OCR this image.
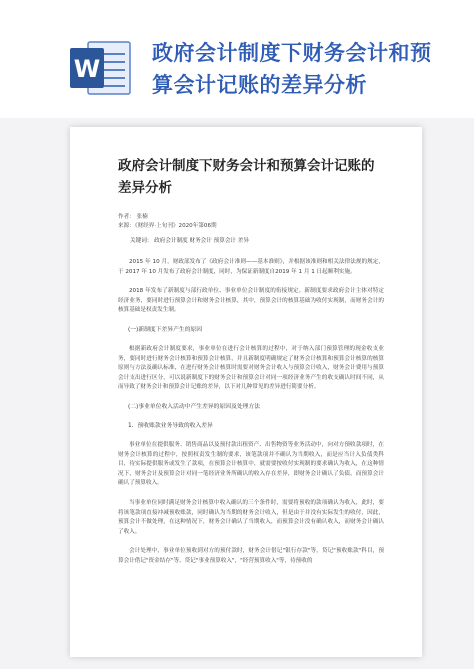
W
政府会计制度下财务会计和预
算会计记账的差异分析
政府会计制度下财务会计和预算会计记账的差异分析
作者： 张楠
来源：《财经界·上旬刊》2020年第06期
关键词： 政府会计制度 财务会计 预算会计 差异

2015 年 10 月，财政部发布了《政府会计准则——基本准则》，并根据该准则和相关法律法规的规定，于 2017 年 10 月发布了政府会计制度，同时，为保证新制度自2019 年 1 月 1 日起顺利实施。

2018 年发布了新制度与部行政单位、事业单位会计制度的衔接规定。新制度要求政府会计主体对特定经济业务，要同时进行预算会计和财务会计核算，其中，预算会计的核算基础为收付实现制，而财务会计的核算基础是权责发生制。

(一)新制度下差异产生的原因

根据新政府会计制度要求，事业单位在进行会计核算的过程中，对于纳入部门预算管理的现金收支业务，要同时进行财务会计核算和预算会计核算，并且新制度明确规定了财务会计核算和预算会计核算的核算原则与方法及确认标准，在进行财务会计核算时需要对财务会计收入与预算会计收入，财务会计费用与预算会计支出进行区分，可以说新制度下的财务会计和预算会计对同一项经济业务产生的收支确认时间不同，从而导致了财务会计和预算会计记账的差异，以下对几种常见的差异进行简要分析。

(二)事业单位收入活动中产生差异的原因及处理方法
1．预收账款业务导致的收入差异

事业单位在提供服务、销售商品以及预付款出租资产、出售物资等业务活动中，向对方预收款项时，在财务会计核算的过程中，按照权责发生制的要求，该笔款项并不确认为当期收入，而是应当计入负债类科目，待实际提供服务或发生了款项，在预算会计核算中，就需要按收付实现制的要求确认为收入，在这种情况下，财务会计及预算会计对同一笔经济业务所确认的收入存在差异，即财务会计确认了负债，而预算会计确认了预算收入。

当事业单位同时满足财务会计核算中收入确认的三个条件时，需要将预收的款项确认为收入，此时，要将该笔款项直接冲减预收账款，同时确认为当期的财务会计收入，但是由于并没有实际发生的收付，因此，预算会计不做处理，在这种情况下，财务会计确认了当期收入，而预算会计没有确认收入，而财务会计确认了收入。

会计处理中，事业单位预收到对方的预付款时，财务会计借记"银行存款"等，贷记"预收账款"科目，预算会计借记"资金结存"等，贷记"事业预算收入"，"经营预算收入"等，待预收的
